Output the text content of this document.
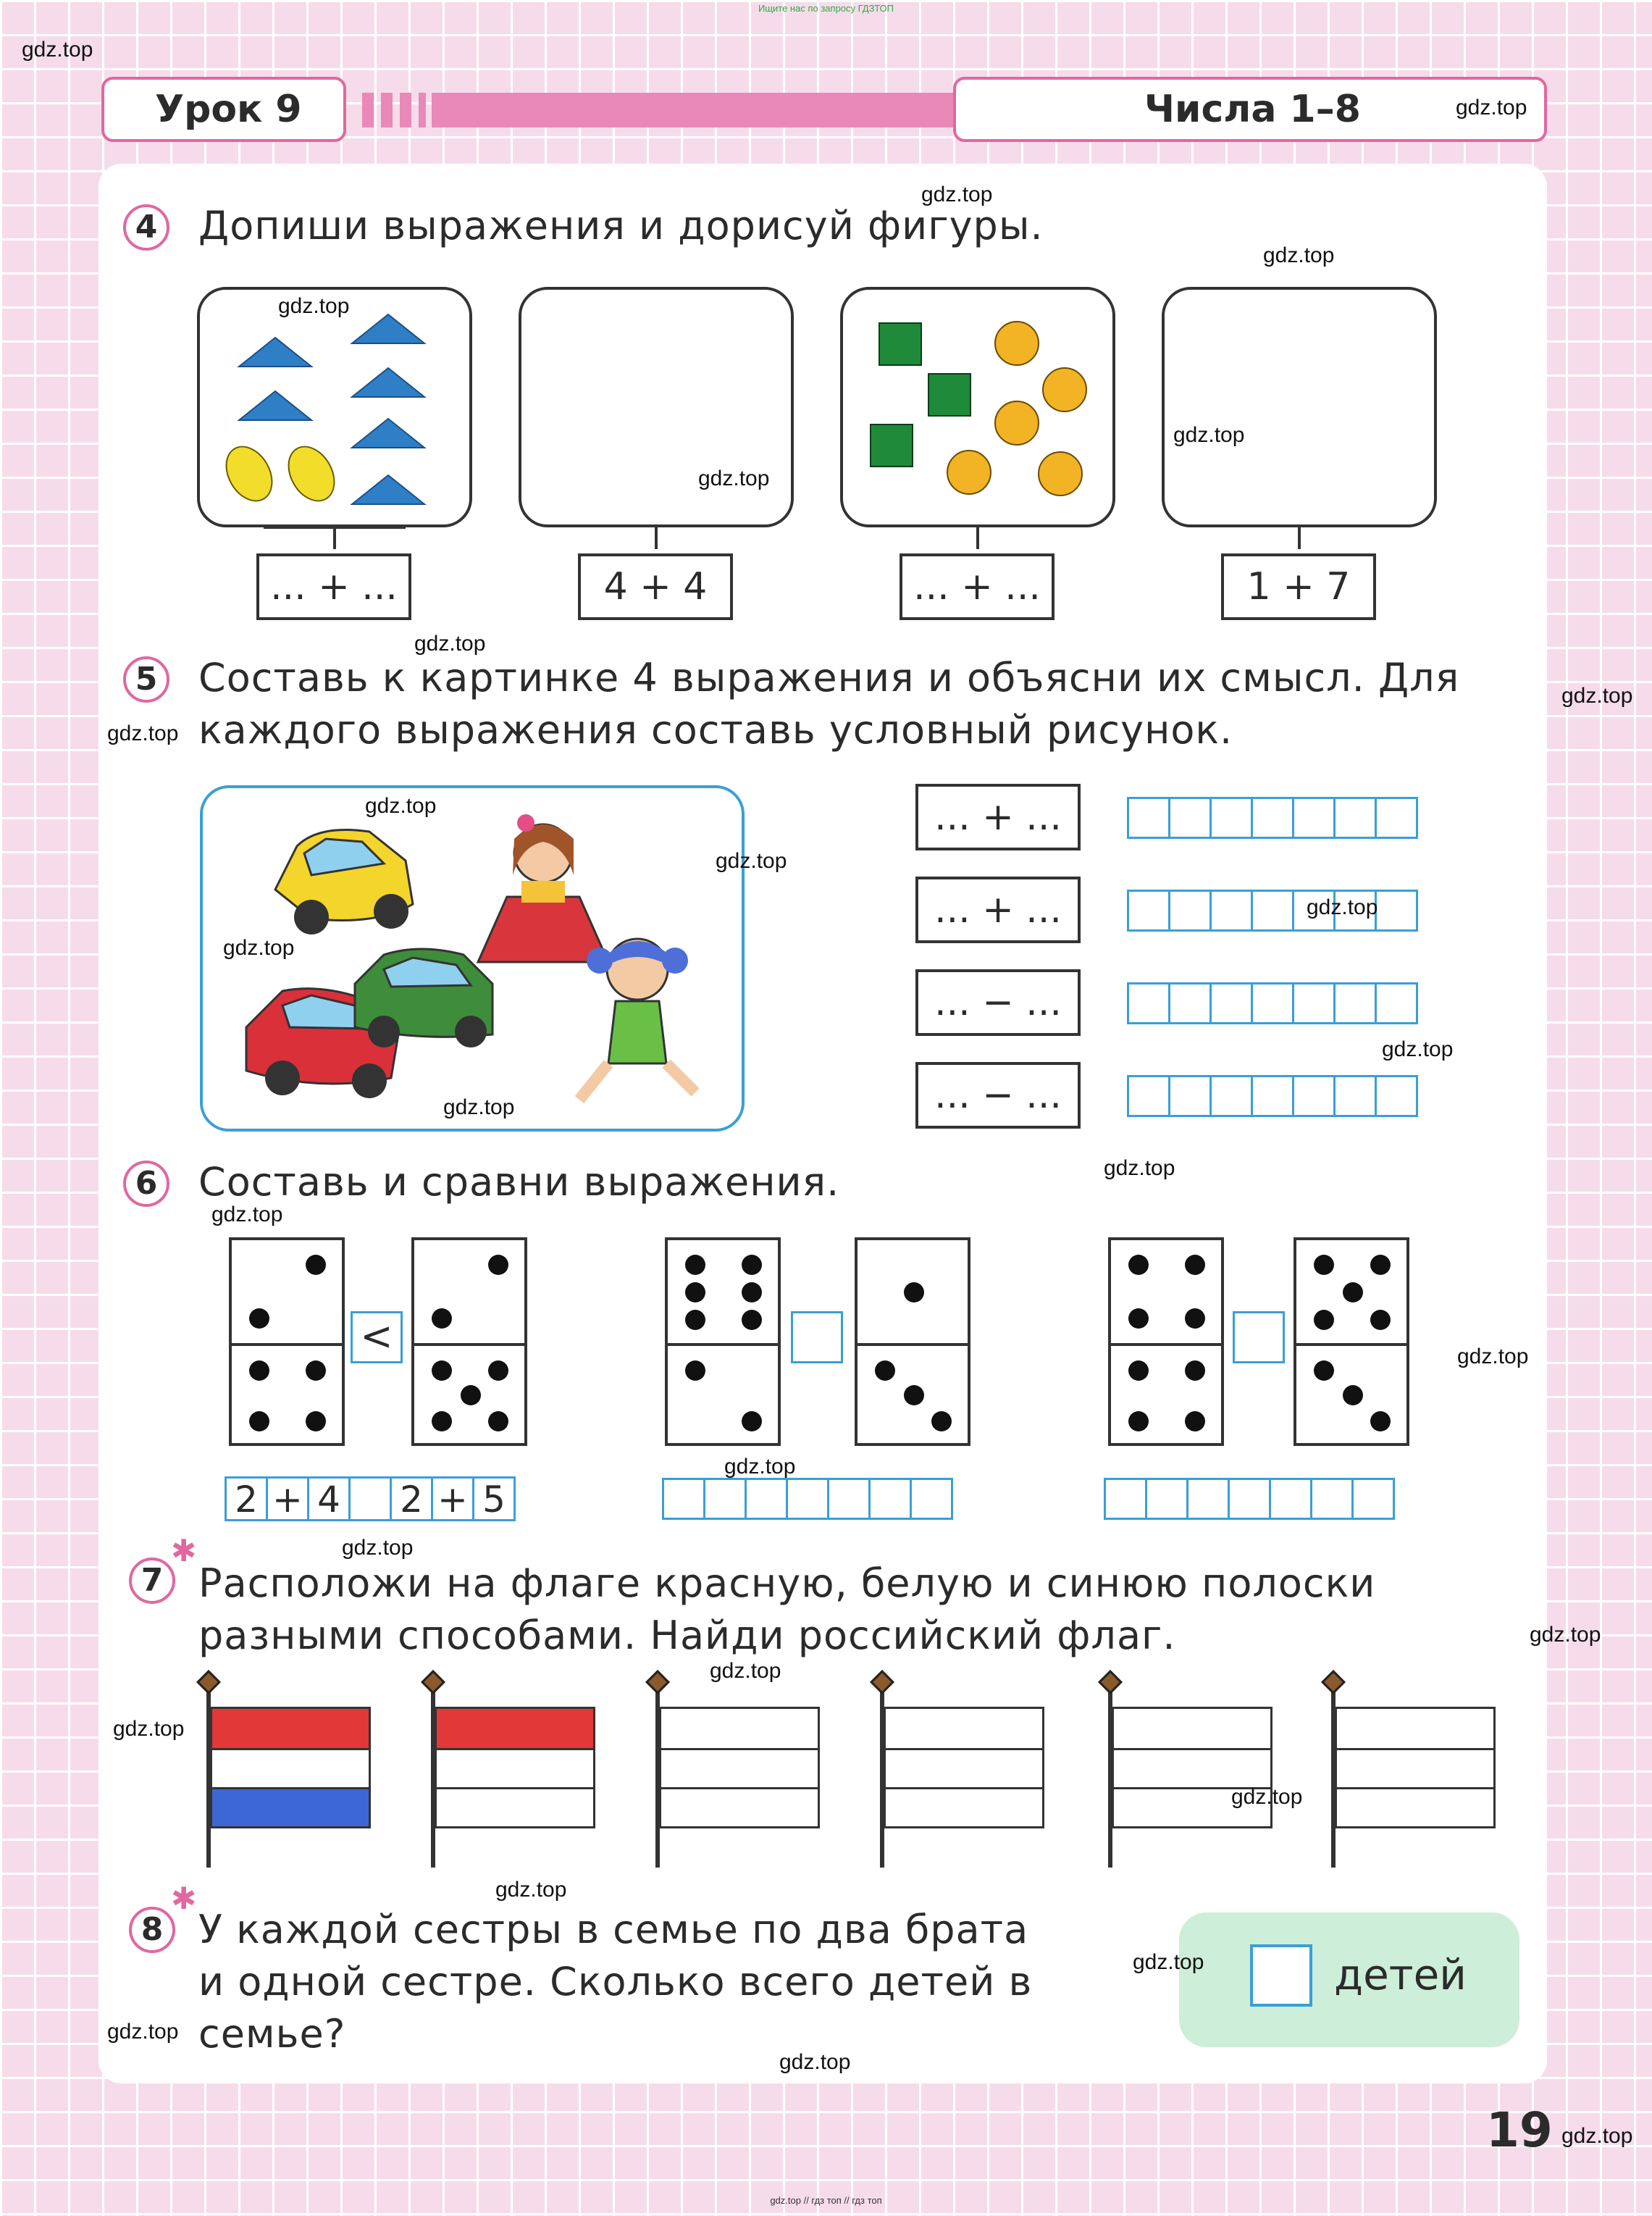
Ищите нас по запросу ГДЗТОП
Урок 9	Числа 1–8
4	Допиши выражения и дорисуй фигуры.
... + ...	4 + 4	... + ...	1 + 7
5	Составь к картинке 4 выражения и объясни их смысл. Для
каждого выражения составь условный рисунок.
... + ...
... + ...
... − ...
... − ...
6	Составь и сравни выражения.
<
2 + 4 2 + 5
✱
7 Расположи на флаге красную, белую и синюю полоски
разными способами. Найди российский флаг.
✱
8 У каждой сестры в семье по два брата
и одной сестре. Сколько всего детей в
семье?
детей
19
gdz.top
gdz.top
gdz.top
gdz.top
gdz.top
gdz.top
gdz.top
gdz.top
gdz.top
gdz.top
gdz.top
gdz.top
gdz.top
gdz.top
gdz.top
gdz.top
gdz.top
gdz.top
gdz.top
gdz.top
gdz.top
gdz.top
gdz.top
gdz.top
gdz.top
gdz.top
gdz.top
gdz.top
gdz.top
gdz.top
gdz.top // гдз топ // гдз топ
